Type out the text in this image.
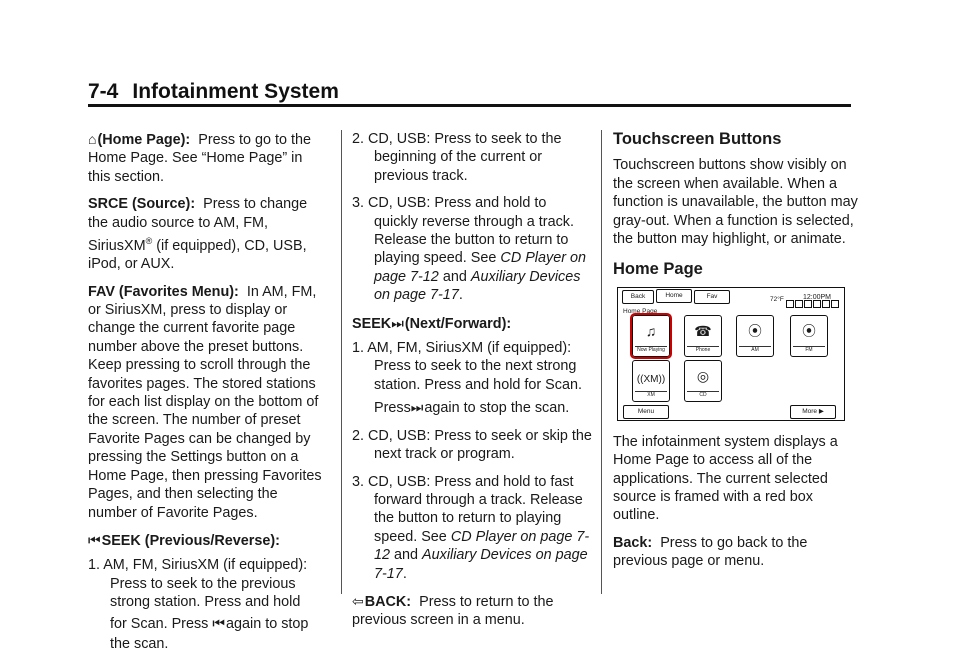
7-4 Infotainment System

⌂(Home Page): Press to go to the Home Page. See “Home Page” in this section.

SRCE (Source): Press to change the audio source to AM, FM, SiriusXM® (if equipped), CD, USB, iPod, or AUX.

FAV (Favorites Menu): In AM, FM, or SiriusXM, press to display or change the current favorite page number above the preset buttons. Keep pressing to scroll through the favorites pages. The stored stations for each list display on the bottom of the screen. The number of preset Favorite Pages can be changed by pressing the Settings button on a Home Page, then pressing Favorites Pages, and then selecting the number of Favorite Pages.

⏮SEEK (Previous/Reverse):

1. AM, FM, SiriusXM (if equipped): Press to seek to the previous strong station. Press and hold
for Scan. Press ⏮again to stop
the scan.
2. CD, USB: Press to seek to the beginning of the current or previous track.
3. CD, USB: Press and hold to quickly reverse through a track. Release the button to return to playing speed. See CD Player on page 7-12 and Auxiliary Devices on page 7-17.

SEEK⏭(Next/Forward):

1. AM, FM, SiriusXM (if equipped): Press to seek to the next strong station. Press and hold for Scan.
Press⏭again to stop the scan.
2. CD, USB: Press to seek or skip the next track or program.
3. CD, USB: Press and hold to fast forward through a track. Release the button to return to playing speed. See CD Player on page 7-12 and Auxiliary Devices on page 7-17.

⇦BACK: Press to return to the previous screen in a menu.

Touchscreen Buttons

Touchscreen buttons show visibly on the screen when available. When a function is unavailable, the button may gray-out. When a function is selected, the button may highlight, or animate.

Home Page
Back	Home	Fav	72°F	12:00PM
Home Page
♫
Now Playing
☎
Phone
⦿
AM
⦿
FM
((XM))
XM
◎
CD
Menu	More ▶

The infotainment system displays a Home Page to access all of the applications. The current selected source is framed with a red box outline.

Back: Press to go back to the previous page or menu.
